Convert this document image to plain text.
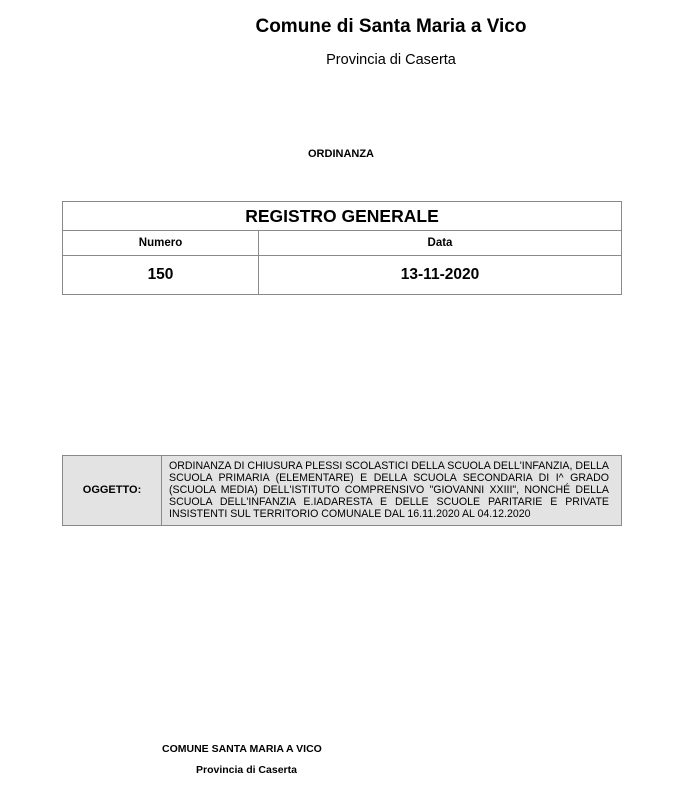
Comune di Santa Maria a Vico
Provincia di Caserta
ORDINANZA
REGISTRO GENERALE	
Numero	Data
150	13-11-2020
OGGETTO:	ORDINANZA DI CHIUSURA PLESSI SCOLASTICI DELLA SCUOLA DELL'INFANZIA, DELLA SCUOLA PRIMARIA (ELEMENTARE) E DELLA SCUOLA SECONDARIA DI I^ GRADO (SCUOLA MEDIA) DELL'ISTITUTO COMPRENSIVO "GIOVANNI XXIII", NONCHÉ DELLA SCUOLA DELL'INFANZIA E.IADARESTA E DELLE SCUOLE PARITARIE E PRIVATE INSISTENTI SUL TERRITORIO COMUNALE DAL 16.11.2020 AL 04.12.2020
COMUNE SANTA MARIA A VICO
Provincia di Caserta
